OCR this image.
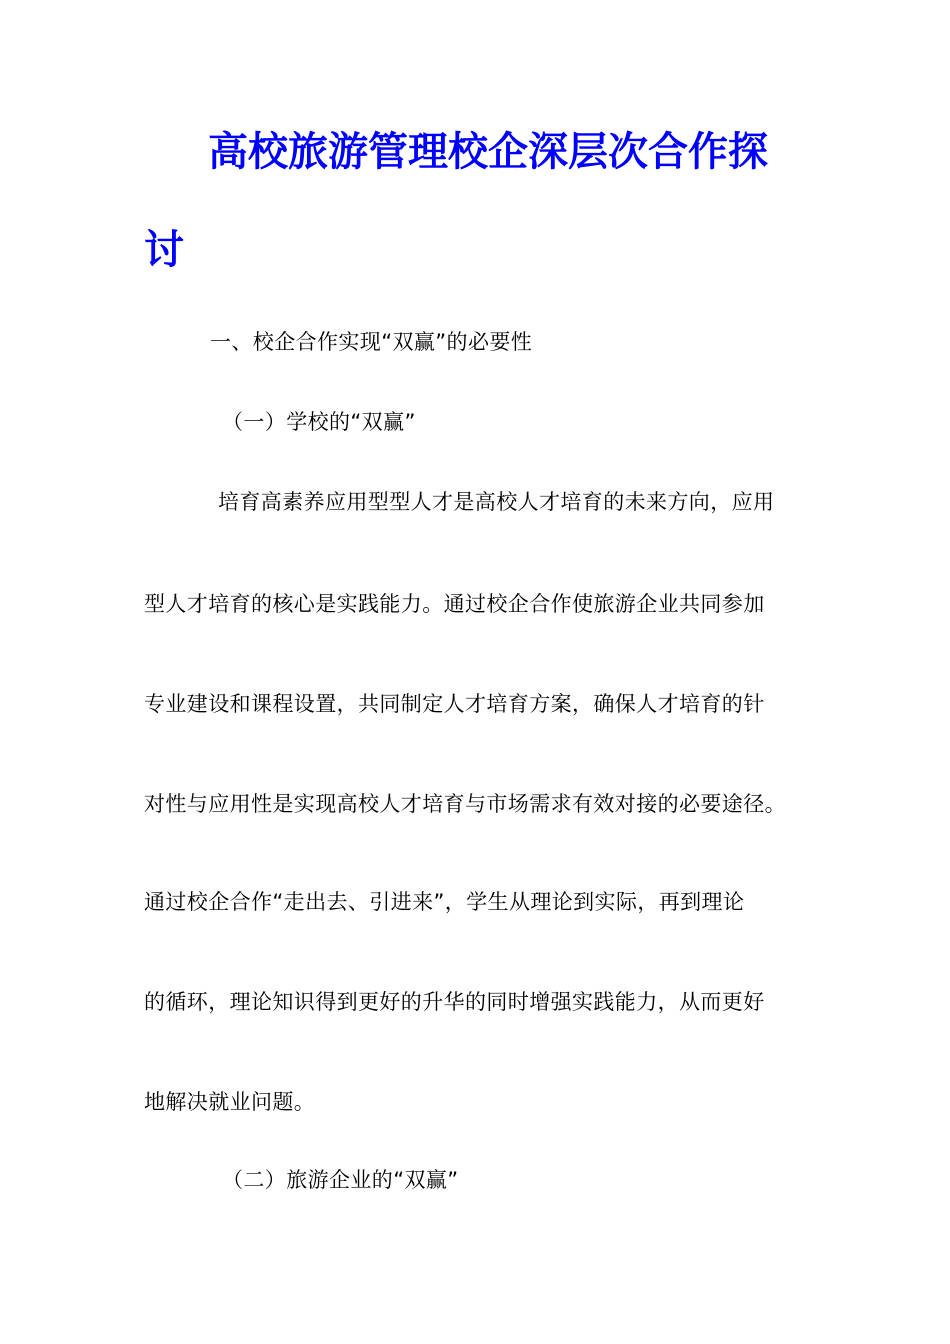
高校旅游管理校企深层次合作探
讨
一、校企合作实现“双赢”的必要性
（一）学校的“双赢”
培育高素养应用型型人才是高校人才培育的未来方向，应用
型人才培育的核心是实践能力。通过校企合作使旅游企业共同参加
专业建设和课程设置，共同制定人才培育方案，确保人才培育的针
对性与应用性是实现高校人才培育与市场需求有效对接的必要途径。
通过校企合作“走出去、引进来”，学生从理论到实际，再到理论
的循环，理论知识得到更好的升华的同时增强实践能力，从而更好
地解决就业问题。
（二）旅游企业的“双赢”
